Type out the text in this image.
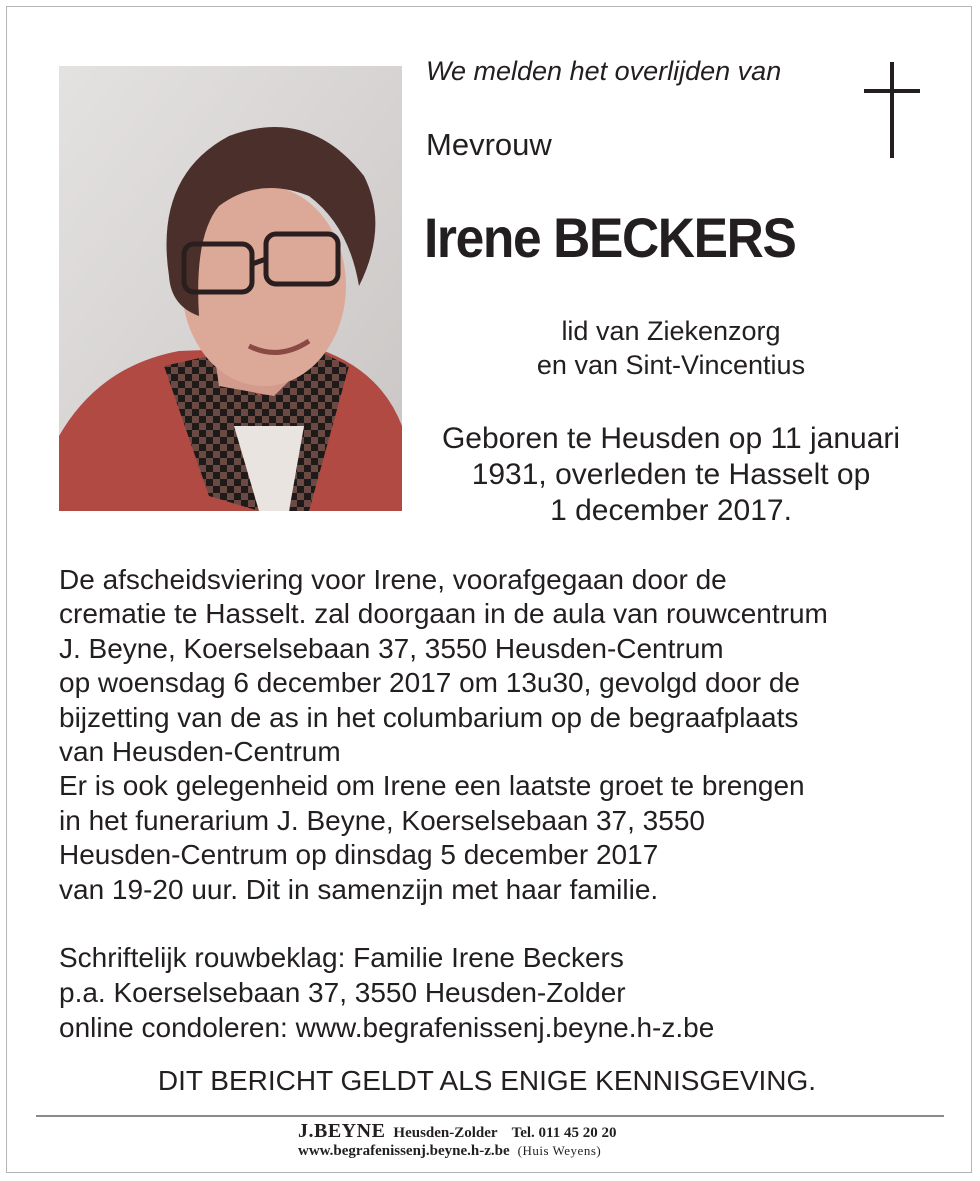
We melden het overlijden van
Mevrouw
Irene BECKERS
lid van Ziekenzorg
en van Sint-Vincentius
Geboren te Heusden op 11 januari
1931, overleden te Hasselt op
1 december 2017.
De afscheidsviering voor Irene, voorafgegaan door de
crematie te Hasselt. zal doorgaan in de aula van rouwcentrum
J. Beyne, Koerselsebaan 37, 3550 Heusden-Centrum
op woensdag 6 december 2017 om 13u30, gevolgd door de
bijzetting van de as in het columbarium op de begraafplaats
van Heusden-Centrum
Er is ook gelegenheid om Irene een laatste groet te brengen
in het funerarium J. Beyne, Koerselsebaan 37, 3550
Heusden-Centrum op dinsdag 5 december 2017
van 19-20 uur. Dit in samenzijn met haar familie.
Schriftelijk rouwbeklag: Familie Irene Beckers
p.a. Koerselsebaan 37, 3550 Heusden-Zolder
online condoleren: www.begrafenissenj.beyne.h-z.be
DIT BERICHT GELDT ALS ENIGE KENNISGEVING.
J.BEYNE Heusden-Zolder Tel. 011 45 20 20
www.begrafenissenj.beyne.h-z.be (Huis Weyens)
